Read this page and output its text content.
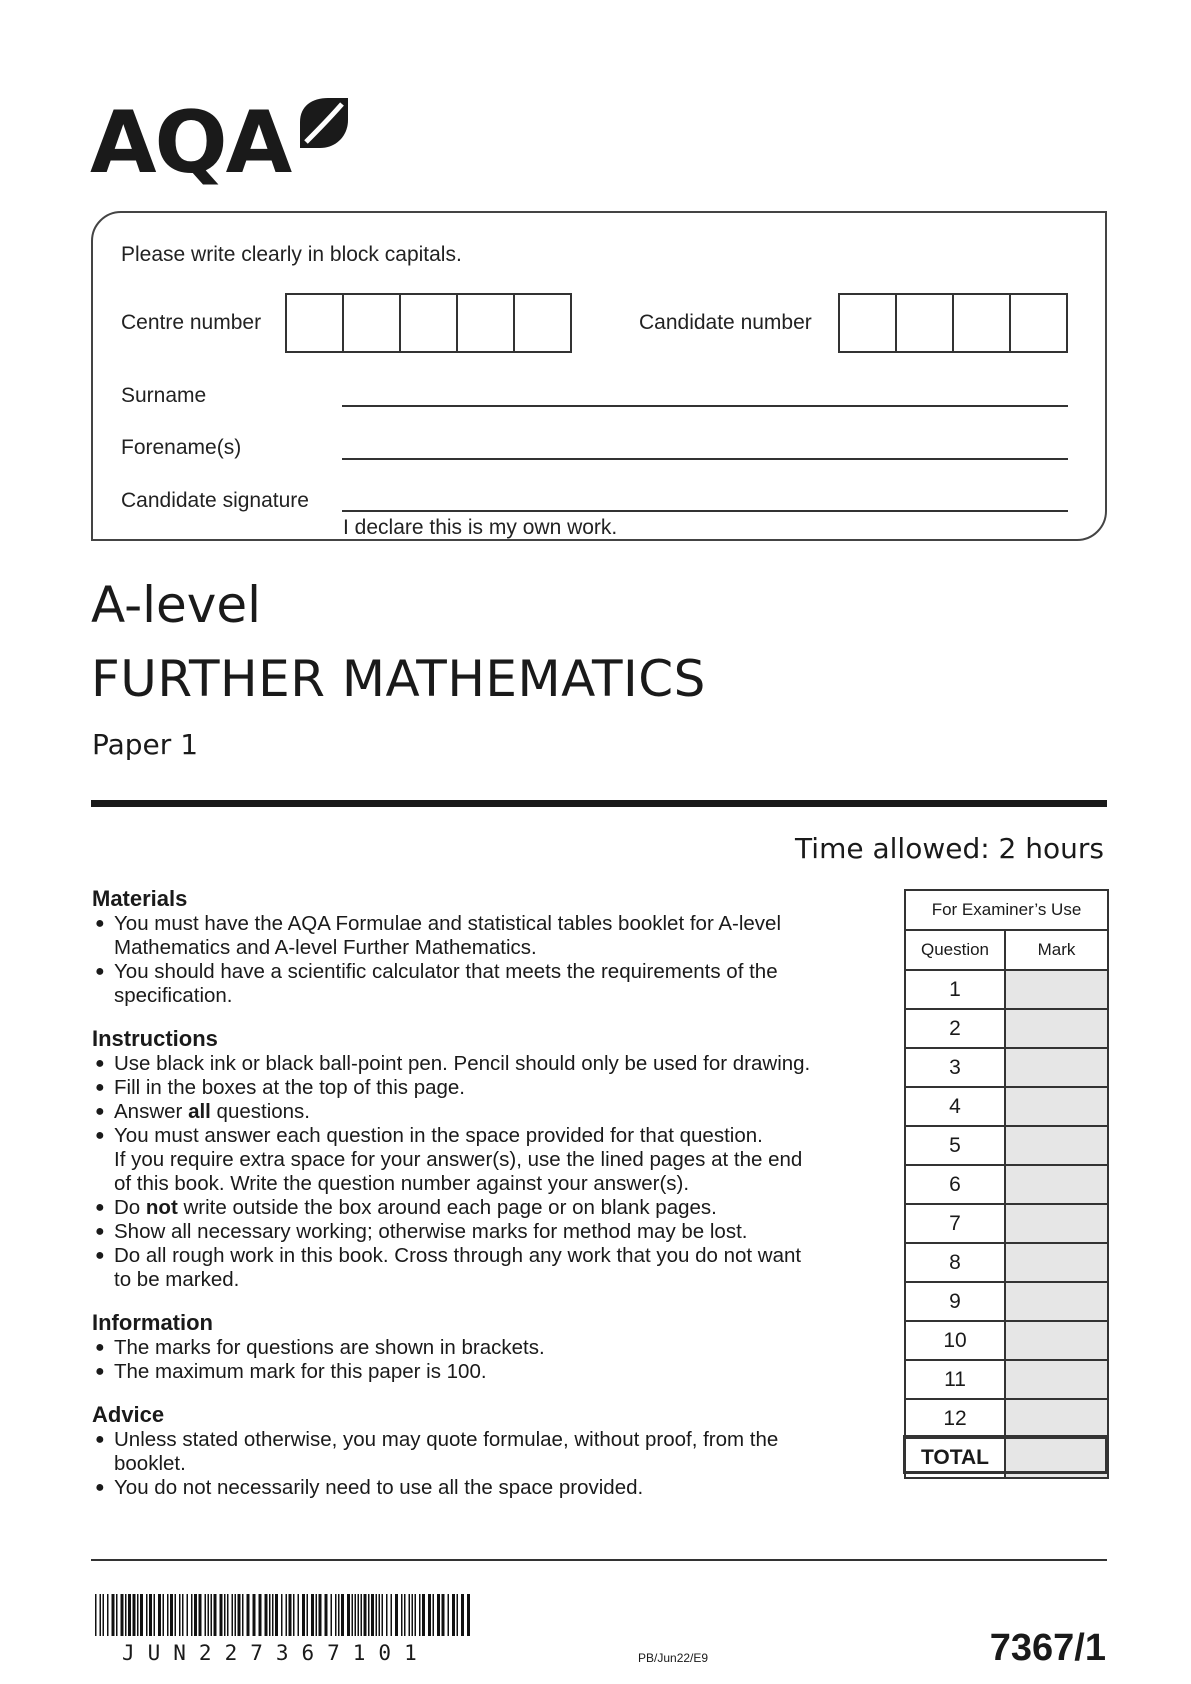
AQA
Please write clearly in block capitals.
Centre number	Candidate number
Surname
Forename(s)
Candidate signature
I declare this is my own work.
A-level
FURTHER MATHEMATICS
Paper 1
Time allowed: 2 hours

Materials

● You must have the AQA Formulae and statistical tables booklet for A-level
Mathematics and A-level Further Mathematics.
● You should have a scientific calculator that meets the requirements of the
specification.

Instructions

● Use black ink or black ball-point pen. Pencil should only be used for drawing.
● Fill in the boxes at the top of this page.
● Answer all questions.
● You must answer each question in the space provided for that question.
If you require extra space for your answer(s), use the lined pages at the end
of this book. Write the question number against your answer(s).
● Do not write outside the box around each page or on blank pages.
● Show all necessary working; otherwise marks for method may be lost.
● Do all rough work in this book. Cross through any work that you do not want
to be marked.

Information

● The marks for questions are shown in brackets.
● The maximum mark for this paper is 100.

Advice

● Unless stated otherwise, you may quote formulae, without proof, from the
booklet.
● You do not necessarily need to use all the space provided.
For Examiner’s Use	
Question	Mark
1	
2	
3	
4	
5	
6	
7	
8	
9	
10	
11	
12	
TOTAL	
JUN227367101	PB/Jun22/E9	7367/1
